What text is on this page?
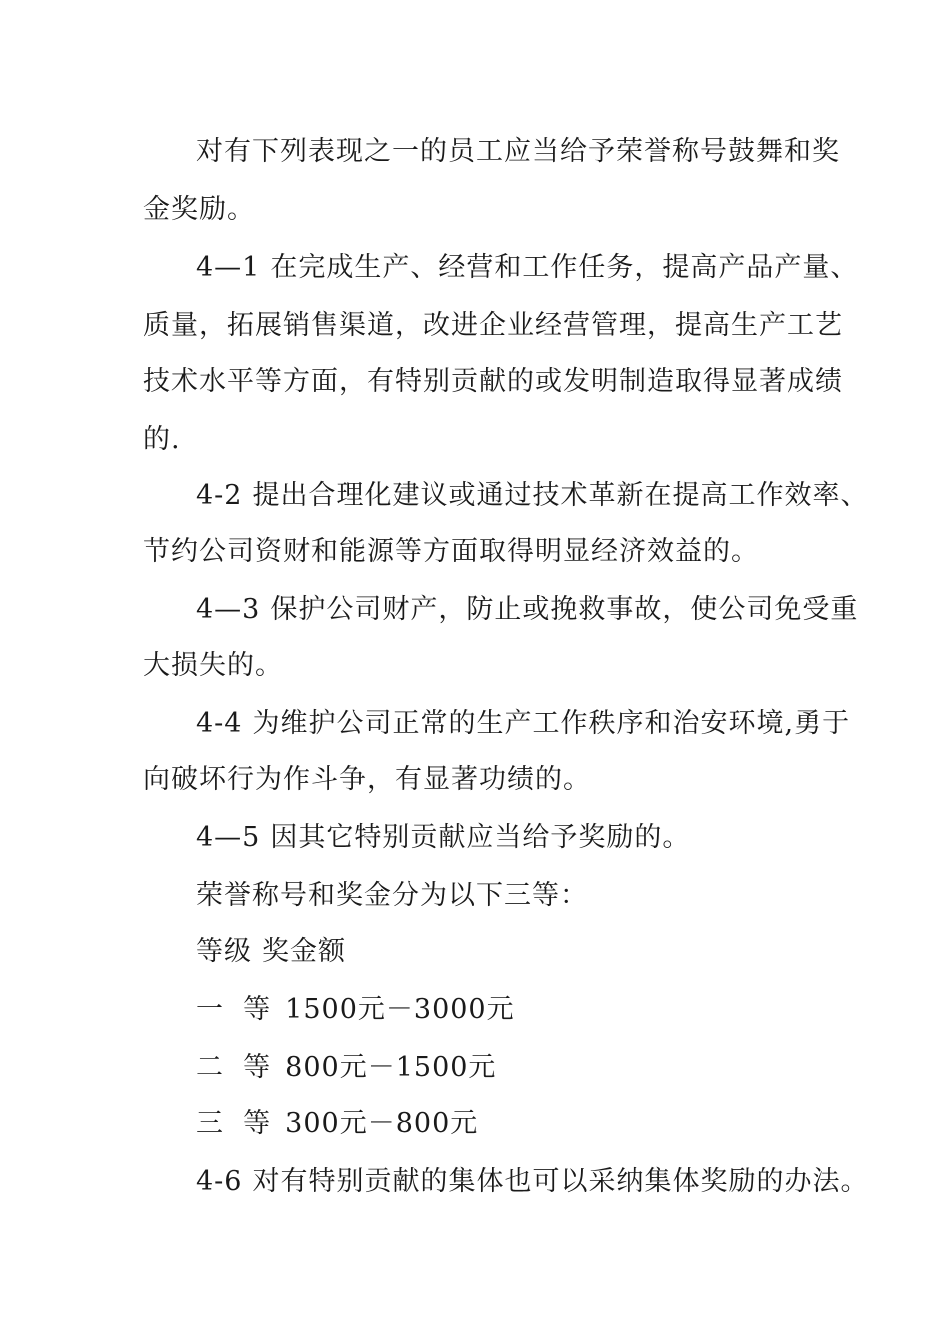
对有下列表现之一的员工应当给予荣誉称号鼓舞和奖
金奖励。
4—1 在完成生产、经营和工作任务，提高产品产量、
质量，拓展销售渠道，改进企业经营管理，提高生产工艺
技术水平等方面，有特别贡献的或发明制造取得显著成绩
的.
4-2 提出合理化建议或通过技术革新在提高工作效率、
节约公司资财和能源等方面取得明显经济效益的。
4—3 保护公司财产，防止或挽救事故，使公司免受重
大损失的。
4-4 为维护公司正常的生产工作秩序和治安环境,勇于
向破坏行为作斗争，有显著功绩的。
4—5 因其它特别贡献应当给予奖励的。
荣誉称号和奖金分为以下三等：
等级 奖金额
一  等 1500元－3000元
二  等 800元－1500元
三  等 300元－800元
4-6 对有特别贡献的集体也可以采纳集体奖励的办法。
